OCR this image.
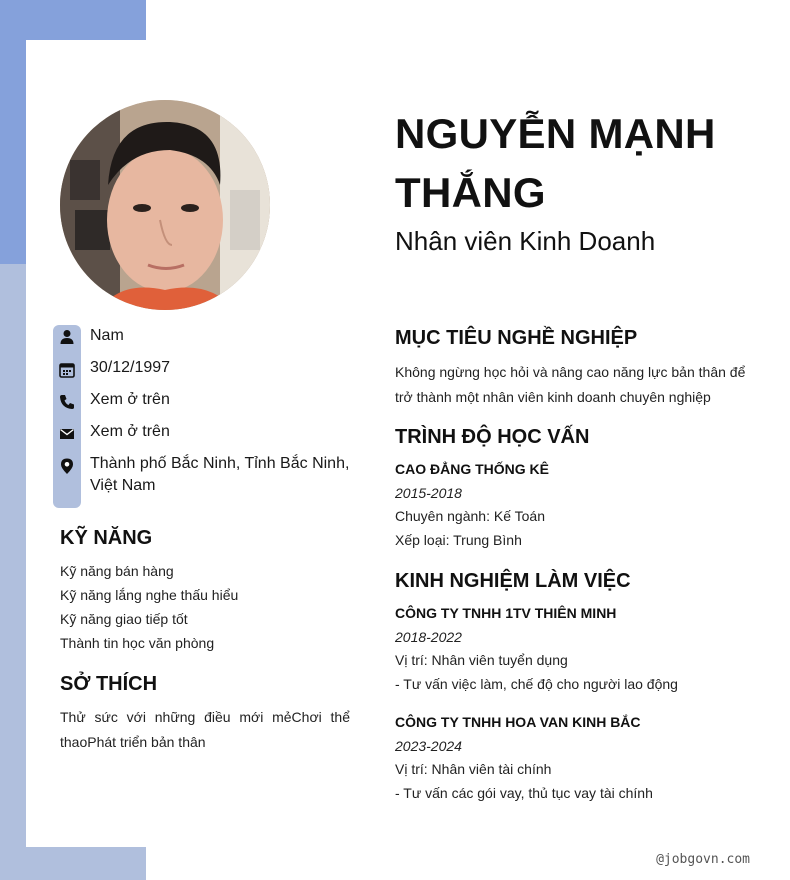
NGUYỄN MẠNH THẮNG
Nhân viên Kinh Doanh
Nam
30/12/1997
Xem ở trên
Xem ở trên
Thành phố Bắc Ninh, Tỉnh Bắc Ninh, Việt Nam
KỸ NĂNG
Kỹ năng bán hàng
Kỹ năng lắng nghe thấu hiểu
Kỹ năng giao tiếp tốt
Thành tin học văn phòng
SỞ THÍCH
Thử sức với những điều mới mẻChơi thể thaoPhát triển bản thân
MỤC TIÊU NGHỀ NGHIỆP
Không ngừng học hỏi và nâng cao năng lực bản thân để trở thành một nhân viên kinh doanh chuyên nghiệp
TRÌNH ĐỘ HỌC VẤN
CAO ĐẲNG THỐNG KÊ
2015-2018
Chuyên ngành: Kế Toán
Xếp loại: Trung Bình
KINH NGHIỆM LÀM VIỆC
CÔNG TY TNHH 1TV THIÊN MINH
2018-2022
Vị trí: Nhân viên tuyển dụng
- Tư vấn việc làm, chế độ cho người lao động
CÔNG TY TNHH HOA VAN KINH BẮC
2023-2024
Vị trí: Nhân viên tài chính
- Tư vấn các gói vay, thủ tục vay tài chính
@jobgovn.com
